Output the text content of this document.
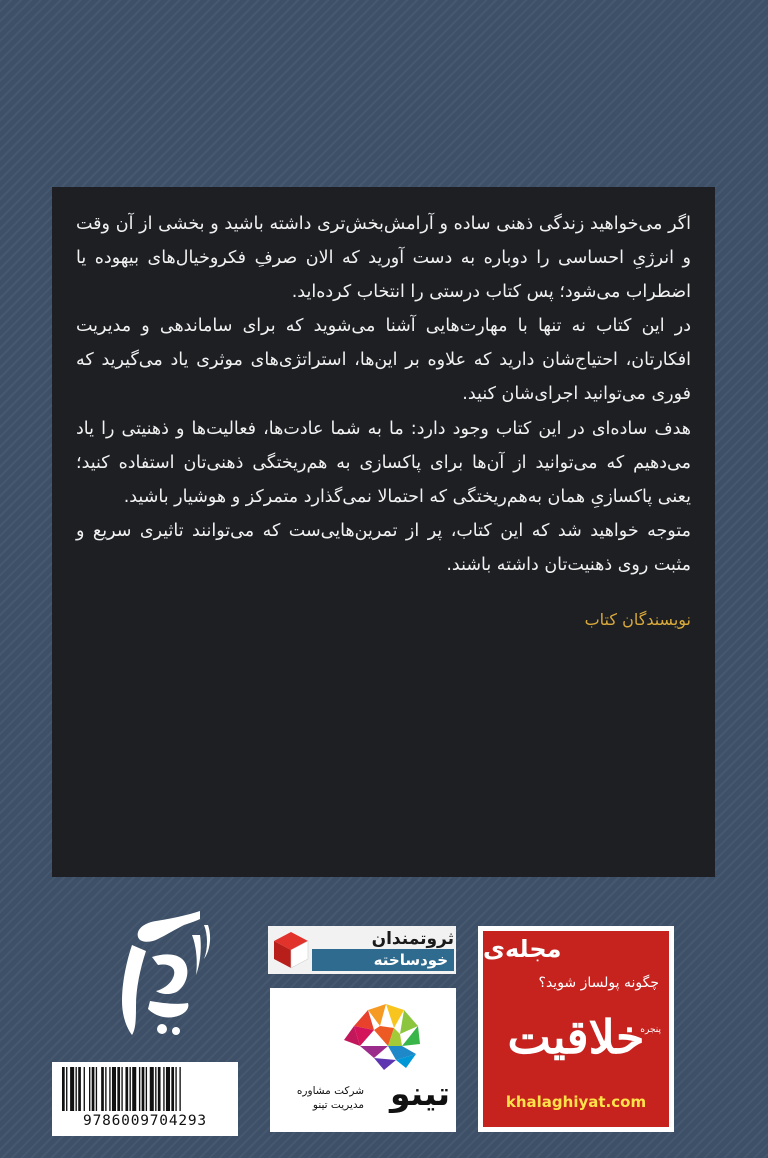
اگر می‌خواهید زندگی ذهنی ساده و آرامش‌بخش‌تری داشته باشید و بخشی از آن وقت و انرژیِ احساسی را دوباره به دست آورید که الان صرفِ فکروخیال‌های بیهوده یا اضطراب می‌شود؛ پس کتاب درستی را انتخاب کرده‌اید.

در این کتاب نه تنها با مهارت‌هایی آشنا می‌شوید که برای ساماندهی و مدیریت افکارتان، احتیاج‌شان دارید که علاوه بر این‌ها، استراتژی‌های موثری یاد می‌گیرید که فوری می‌توانید اجرای‌شان کنید.

هدف ساده‌ای در این کتاب وجود دارد: ما به شما عادت‌ها، فعالیت‌ها و ذهنیتی را یاد می‌دهیم که می‌توانید از آن‌ها برای پاکسازی به هم‌ریختگی ذهنی‌تان استفاده کنید؛ یعنی پاکسازیِ همان به‌هم‌ریختگی که احتمالا نمی‌گذارد متمرکز و هوشیار باشید.

متوجه خواهید شد که این کتاب، پر از تمرین‌هایی‌ست که می‌توانند تاثیری سریع و مثبت روی ذهنیت‌تان داشته باشند.

نویسندگان کتاب

9786009704293
ثروتمندان
خودساخته
تینو
شرکت مشاوره
مدیریت تینو
مجله‌ی
چگونه پولساز شوید؟
پنجره
خلاقیت
khalaghiyat.com
